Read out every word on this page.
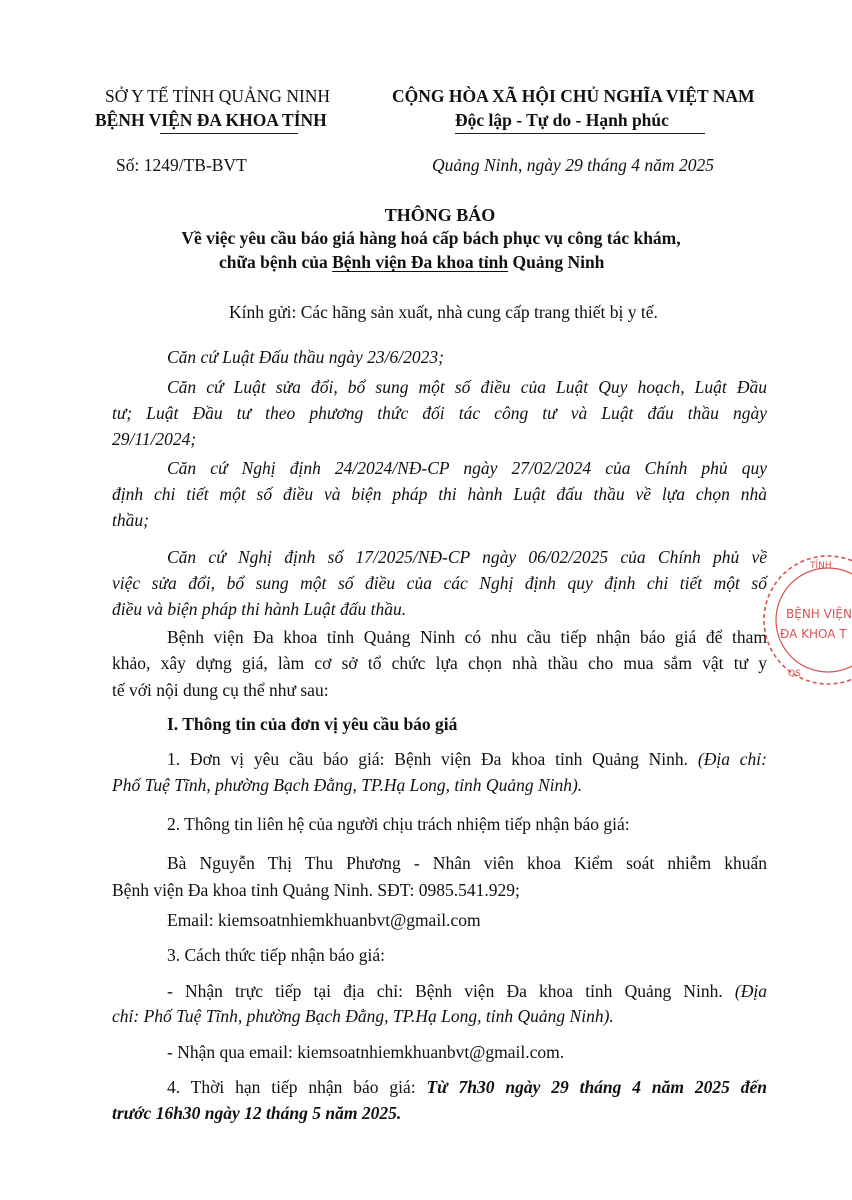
SỞ Y TẾ TỈNH QUẢNG NINH
BỆNH VIỆN ĐA KHOA TỈNH
CỘNG HÒA XÃ HỘI CHỦ NGHĨA VIỆT NAM
Độc lập - Tự do - Hạnh phúc
Số: 1249/TB-BVT	Quảng Ninh, ngày 29 tháng 4 năm 2025
THÔNG BÁO
Về việc yêu cầu báo giá hàng hoá cấp bách phục vụ công tác khám,
chữa bệnh của Bệnh viện Đa khoa tỉnh Quảng Ninh
Kính gửi: Các hãng sản xuất, nhà cung cấp trang thiết bị y tế.
Căn cứ Luật Đấu thầu ngày 23/6/2023;
Căn cứ Luật sửa đổi, bổ sung một số điều của Luật Quy hoạch, Luật Đầu
tư; Luật Đầu tư theo phương thức đối tác công tư và Luật đấu thầu ngày
29/11/2024;
Căn cứ Nghị định 24/2024/NĐ-CP ngày 27/02/2024 của Chính phủ quy
định chi tiết một số điều và biện pháp thi hành Luật đấu thầu về lựa chọn nhà
thầu;
Căn cứ Nghị định số 17/2025/NĐ-CP ngày 06/02/2025 của Chính phủ về
việc sửa đổi, bổ sung một số điều của các Nghị định quy định chi tiết một số
điều và biện pháp thi hành Luật đấu thầu.
Bệnh viện Đa khoa tỉnh Quảng Ninh có nhu cầu tiếp nhận báo giá để tham
khảo, xây dựng giá, làm cơ sở tổ chức lựa chọn nhà thầu cho mua sắm vật tư y
tế với nội dung cụ thể như sau:
I. Thông tin của đơn vị yêu cầu báo giá
1. Đơn vị yêu cầu báo giá: Bệnh viện Đa khoa tỉnh Quảng Ninh. (Địa chỉ:
Phố Tuệ Tĩnh, phường Bạch Đằng, TP.Hạ Long, tỉnh Quảng Ninh).
2. Thông tin liên hệ của người chịu trách nhiệm tiếp nhận báo giá:
Bà Nguyễn Thị Thu Phương - Nhân viên khoa Kiểm soát nhiễm khuẩn
Bệnh viện Đa khoa tỉnh Quảng Ninh. SĐT: 0985.541.929;
Email: kiemsoatnhiemkhuanbvt@gmail.com
3. Cách thức tiếp nhận báo giá:
- Nhận trực tiếp tại địa chỉ: Bệnh viện Đa khoa tỉnh Quảng Ninh. (Địa
chỉ: Phố Tuệ Tĩnh, phường Bạch Đằng, TP.Hạ Long, tỉnh Quảng Ninh).
- Nhận qua email: kiemsoatnhiemkhuanbvt@gmail.com.
4. Thời hạn tiếp nhận báo giá: Từ 7h30 ngày 29 tháng 4 năm 2025 đến
trước 16h30 ngày 12 tháng 5 năm 2025.
TỈNH
BỆNH VIỆN
ĐA KHOA T
QS
